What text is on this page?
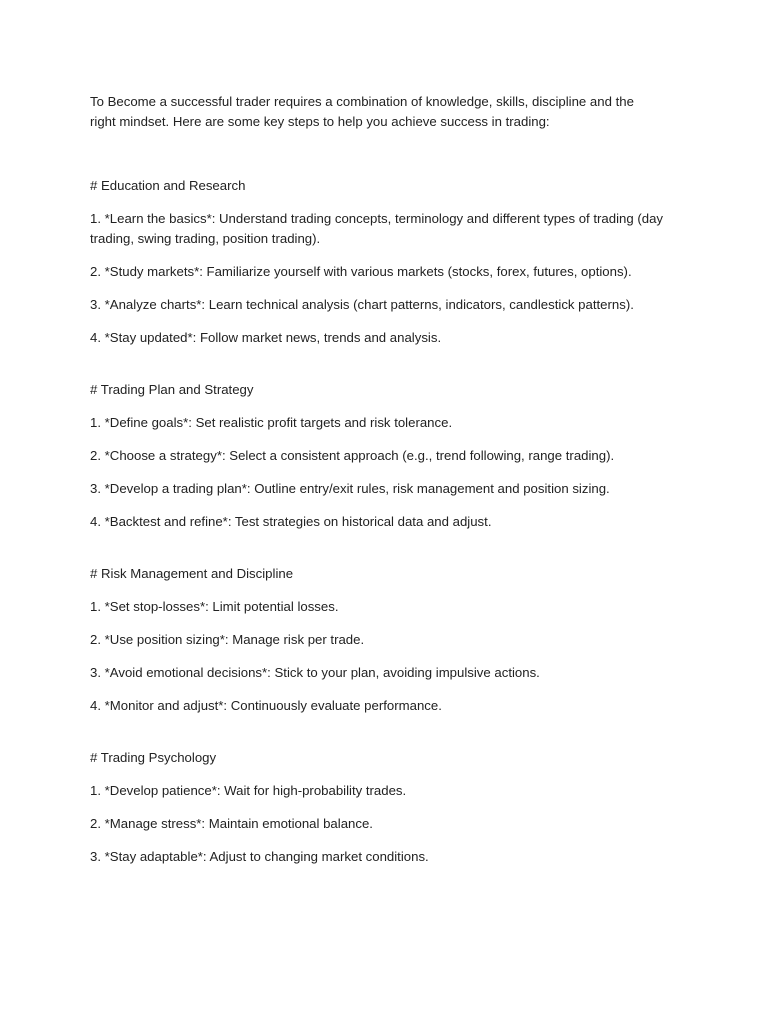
To Become a successful trader requires a combination of knowledge, skills, discipline and the right mindset. Here are some key steps to help you achieve success in trading:

# Education and Research

1. *Learn the basics*: Understand trading concepts, terminology and different types of trading (day trading, swing trading, position trading).

2. *Study markets*: Familiarize yourself with various markets (stocks, forex, futures, options).

3. *Analyze charts*: Learn technical analysis (chart patterns, indicators, candlestick patterns).

4. *Stay updated*: Follow market news, trends and analysis.

# Trading Plan and Strategy

1. *Define goals*: Set realistic profit targets and risk tolerance.

2. *Choose a strategy*: Select a consistent approach (e.g., trend following, range trading).

3. *Develop a trading plan*: Outline entry/exit rules, risk management and position sizing.

4. *Backtest and refine*: Test strategies on historical data and adjust.

# Risk Management and Discipline

1. *Set stop-losses*: Limit potential losses.

2. *Use position sizing*: Manage risk per trade.

3. *Avoid emotional decisions*: Stick to your plan, avoiding impulsive actions.

4. *Monitor and adjust*: Continuously evaluate performance.

# Trading Psychology

1. *Develop patience*: Wait for high-probability trades.

2. *Manage stress*: Maintain emotional balance.

3. *Stay adaptable*: Adjust to changing market conditions.
